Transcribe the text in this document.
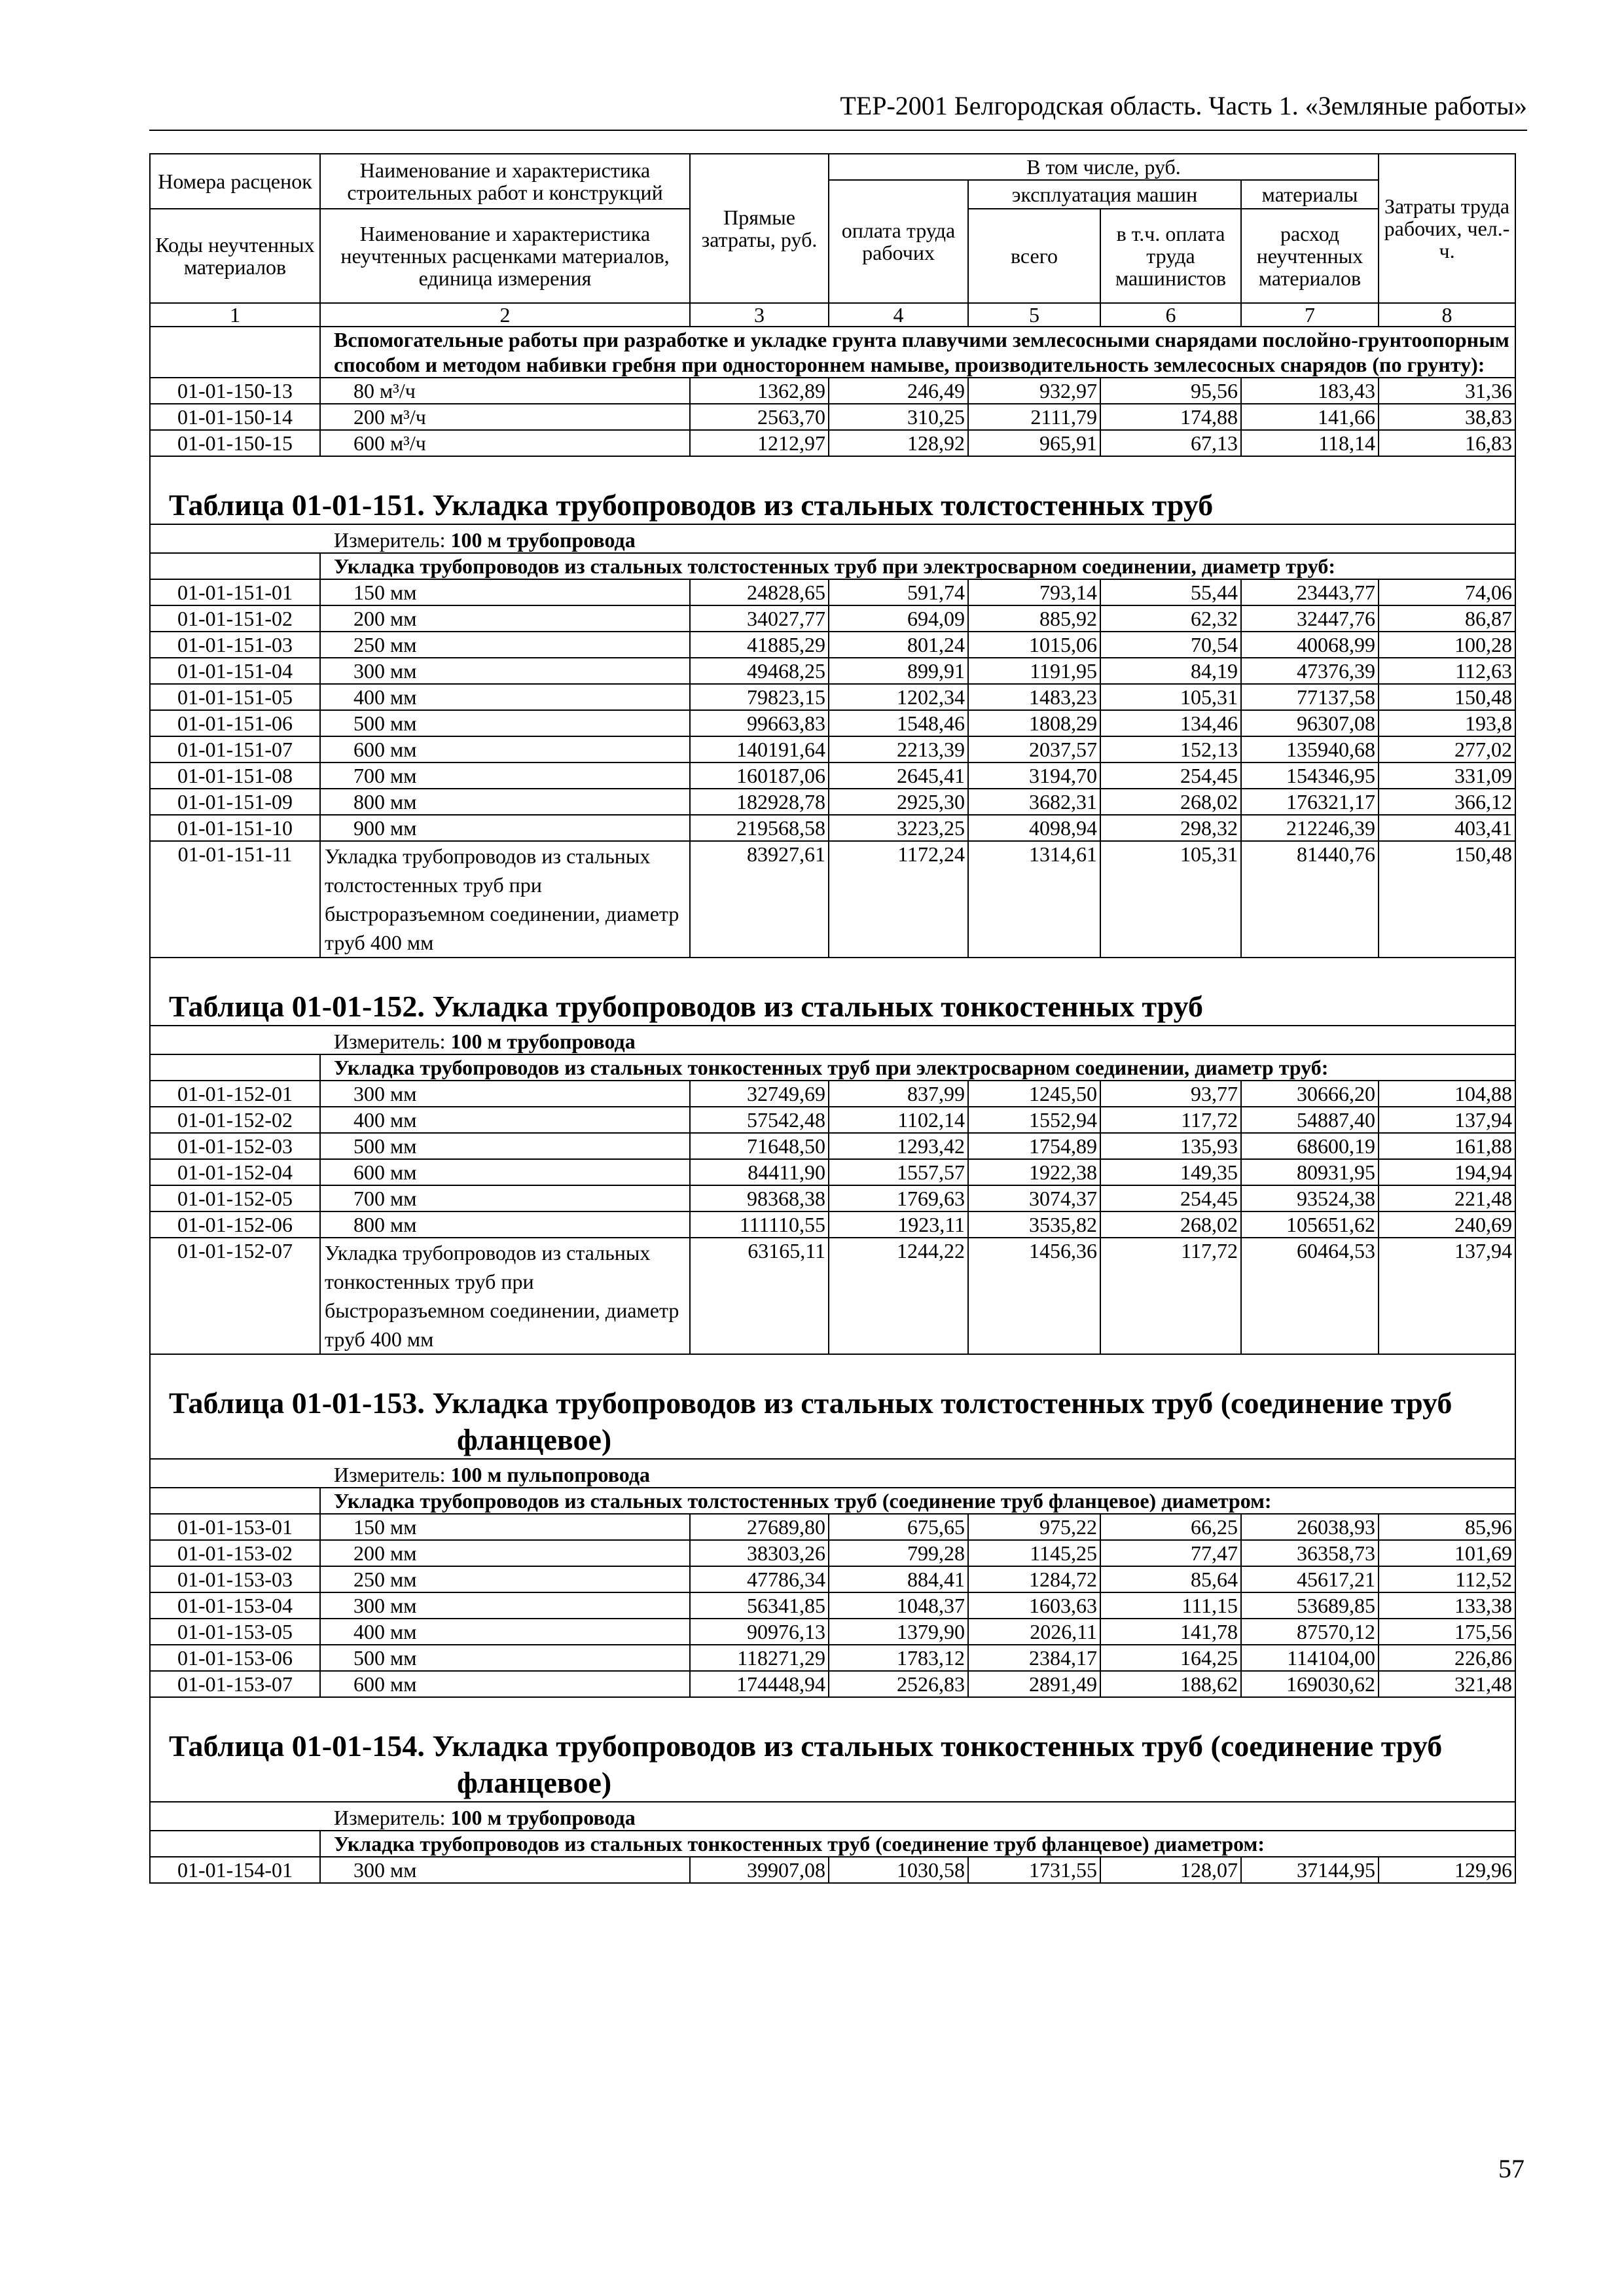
ТЕР-2001 Белгородская область. Часть 1. «Земляные работы»
Номера расценок	Наименование и характеристика строительных работ и конструкций	Прямые затраты, руб.	В том числе, руб.				Затраты труда рабочих, чел.-ч.
			оплата труда рабочих	эксплуатация машин		материалы	
Коды неучтенных материалов	Наименование и характеристика неучтенных расценками материалов, единица измерения			всего	в т.ч. оплата труда машинистов	расход неучтенных материалов	

1	2	3	4	5	6	7	8
	Вспомогательные работы при разработке и укладке грунта плавучими землесосными снарядами послойно-грунтоопорным способом и методом набивки гребня при одностороннем намыве, производительность землесосных снарядов (по грунту):						
01-01-150-13	80 м³/ч	1362,89	246,49	932,97	95,56	183,43	31,36
01-01-150-14	200 м³/ч	2563,70	310,25	2111,79	174,88	141,66	38,83
01-01-150-15	600 м³/ч	1212,97	128,92	965,91	67,13	118,14	16,83
Таблица 01-01-151. Укладка трубопроводов из стальных толстостенных труб							
Измеритель: 100 м трубопровода							
	Укладка трубопроводов из стальных толстостенных труб при электросварном соединении, диаметр труб:						
01-01-151-01	150 мм	24828,65	591,74	793,14	55,44	23443,77	74,06
01-01-151-02	200 мм	34027,77	694,09	885,92	62,32	32447,76	86,87
01-01-151-03	250 мм	41885,29	801,24	1015,06	70,54	40068,99	100,28
01-01-151-04	300 мм	49468,25	899,91	1191,95	84,19	47376,39	112,63
01-01-151-05	400 мм	79823,15	1202,34	1483,23	105,31	77137,58	150,48
01-01-151-06	500 мм	99663,83	1548,46	1808,29	134,46	96307,08	193,8
01-01-151-07	600 мм	140191,64	2213,39	2037,57	152,13	135940,68	277,02
01-01-151-08	700 мм	160187,06	2645,41	3194,70	254,45	154346,95	331,09
01-01-151-09	800 мм	182928,78	2925,30	3682,31	268,02	176321,17	366,12
01-01-151-10	900 мм	219568,58	3223,25	4098,94	298,32	212246,39	403,41
01-01-151-11	Укладка трубопроводов из стальных толстостенных труб при быстроразъемном соединении, диаметр труб 400 мм	83927,61	1172,24	1314,61	105,31	81440,76	150,48
Таблица 01-01-152. Укладка трубопроводов из стальных тонкостенных труб							
Измеритель: 100 м трубопровода							
	Укладка трубопроводов из стальных тонкостенных труб при электросварном соединении, диаметр труб:						
01-01-152-01	300 мм	32749,69	837,99	1245,50	93,77	30666,20	104,88
01-01-152-02	400 мм	57542,48	1102,14	1552,94	117,72	54887,40	137,94
01-01-152-03	500 мм	71648,50	1293,42	1754,89	135,93	68600,19	161,88
01-01-152-04	600 мм	84411,90	1557,57	1922,38	149,35	80931,95	194,94
01-01-152-05	700 мм	98368,38	1769,63	3074,37	254,45	93524,38	221,48
01-01-152-06	800 мм	111110,55	1923,11	3535,82	268,02	105651,62	240,69
01-01-152-07	Укладка трубопроводов из стальных тонкостенных труб при быстроразъемном соединении, диаметр труб 400 мм	63165,11	1244,22	1456,36	117,72	60464,53	137,94
Таблица 01-01-153. Укладка трубопроводов из стальных толстостенных труб (соединение труб фланцевое)							
Измеритель: 100 м пульпопровода							
	Укладка трубопроводов из стальных толстостенных труб (соединение труб фланцевое) диаметром:						
01-01-153-01	150 мм	27689,80	675,65	975,22	66,25	26038,93	85,96
01-01-153-02	200 мм	38303,26	799,28	1145,25	77,47	36358,73	101,69
01-01-153-03	250 мм	47786,34	884,41	1284,72	85,64	45617,21	112,52
01-01-153-04	300 мм	56341,85	1048,37	1603,63	111,15	53689,85	133,38
01-01-153-05	400 мм	90976,13	1379,90	2026,11	141,78	87570,12	175,56
01-01-153-06	500 мм	118271,29	1783,12	2384,17	164,25	114104,00	226,86
01-01-153-07	600 мм	174448,94	2526,83	2891,49	188,62	169030,62	321,48
Таблица 01-01-154. Укладка трубопроводов из стальных тонкостенных труб (соединение труб фланцевое)							
Измеритель: 100 м трубопровода							
	Укладка трубопроводов из стальных тонкостенных труб (соединение труб фланцевое) диаметром:						
01-01-154-01	300 мм	39907,08	1030,58	1731,55	128,07	37144,95	129,96
57
